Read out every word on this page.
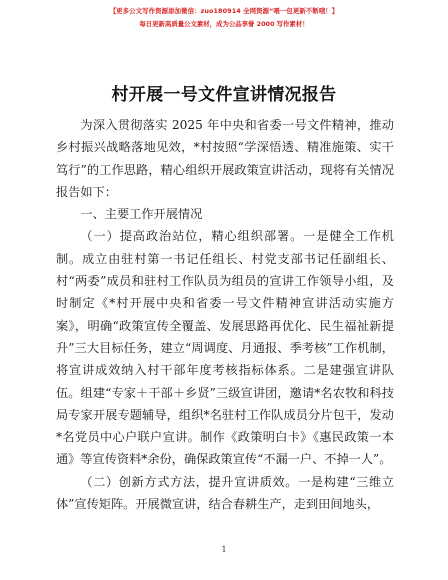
【更多公文写作资源添加微信：zuo180914 全网资源“喂一包更新不断哦！】
每日更新高质量公文素材，成为公品享誉 2000 写作素材！
村开展一号文件宣讲情况报告

为深入贯彻落实 2025 年中央和省委一号文件精神，推动乡村振兴战略落地见效，*村按照“学深悟透、精准施策、实干笃行”的工作思路，精心组织开展政策宣讲活动，现将有关情况报告如下：

一、主要工作开展情况

（一）提高政治站位，精心组织部署。一是健全工作机制。成立由驻村第一书记任组长、村党支部书记任副组长、村“两委”成员和驻村工作队员为组员的宣讲工作领导小组，及时制定《*村开展中央和省委一号文件精神宣讲活动实施方案》，明确“政策宣传全覆盖、发展思路再优化、民生福祉新提升”三大目标任务，建立“周调度、月通报、季考核”工作机制，将宣讲成效纳入村干部年度考核指标体系。二是建强宣讲队伍。组建“专家＋干部＋乡贤”三级宣讲团，邀请*名农牧和科技局专家开展专题辅导，组织*名驻村工作队成员分片包干，发动*名党员中心户联户宣讲。制作《政策明白卡》《惠民政策一本通》等宣传资料*余份，确保政策宣传“不漏一户、不掉一人”。

（二）创新方式方法，提升宣讲质效。一是构建“三维立体”宣传矩阵。开展微宣讲，结合春耕生产，走到田间地头，

1
